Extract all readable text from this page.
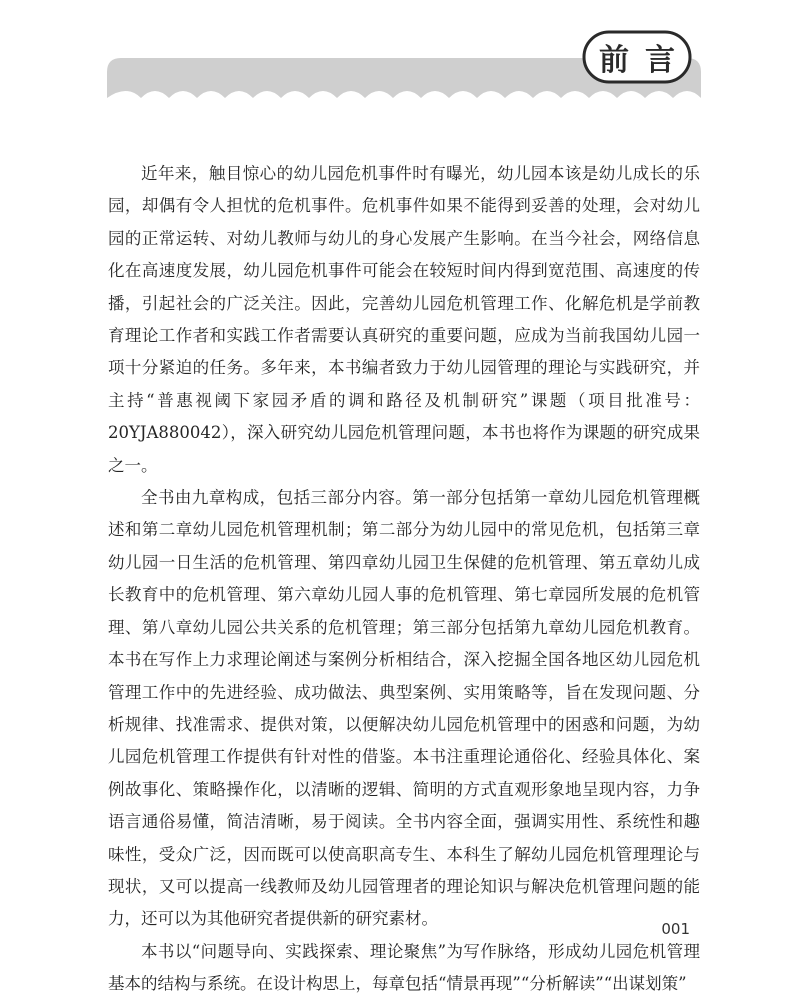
前言

近年来，触目惊心的幼儿园危机事件时有曝光，幼儿园本该是幼儿成长的乐园，却偶有令人担忧的危机事件。危机事件如果不能得到妥善的处理，会对幼儿园的正常运转、对幼儿教师与幼儿的身心发展产生影响。在当今社会，网络信息化在高速度发展，幼儿园危机事件可能会在较短时间内得到宽范围、高速度的传播，引起社会的广泛关注。因此，完善幼儿园危机管理工作、化解危机是学前教育理论工作者和实践工作者需要认真研究的重要问题，应成为当前我国幼儿园一项十分紧迫的任务。多年来，本书编者致力于幼儿园管理的理论与实践研究，并主持“普惠视阈下家园矛盾的调和路径及机制研究”课题（项目批准号：20YJA880042），深入研究幼儿园危机管理问题，本书也将作为课题的研究成果之一。

全书由九章构成，包括三部分内容。第一部分包括第一章幼儿园危机管理概述和第二章幼儿园危机管理机制；第二部分为幼儿园中的常见危机，包括第三章幼儿园一日生活的危机管理、第四章幼儿园卫生保健的危机管理、第五章幼儿成长教育中的危机管理、第六章幼儿园人事的危机管理、第七章园所发展的危机管理、第八章幼儿园公共关系的危机管理；第三部分包括第九章幼儿园危机教育。本书在写作上力求理论阐述与案例分析相结合，深入挖掘全国各地区幼儿园危机管理工作中的先进经验、成功做法、典型案例、实用策略等，旨在发现问题、分析规律、找准需求、提供对策，以便解决幼儿园危机管理中的困惑和问题，为幼儿园危机管理工作提供有针对性的借鉴。本书注重理论通俗化、经验具体化、案例故事化、策略操作化，以清晰的逻辑、简明的方式直观形象地呈现内容，力争语言通俗易懂，简洁清晰，易于阅读。全书内容全面，强调实用性、系统性和趣味性，受众广泛，因而既可以使高职高专生、本科生了解幼儿园危机管理理论与现状，又可以提高一线教师及幼儿园管理者的理论知识与解决危机管理问题的能力，还可以为其他研究者提供新的研究素材。

本书以“问题导向、实践探索、理论聚焦”为写作脉络，形成幼儿园危机管理基本的结构与系统。在设计构思上，每章包括“情景再现”“分析解读”“出谋划策”

001
